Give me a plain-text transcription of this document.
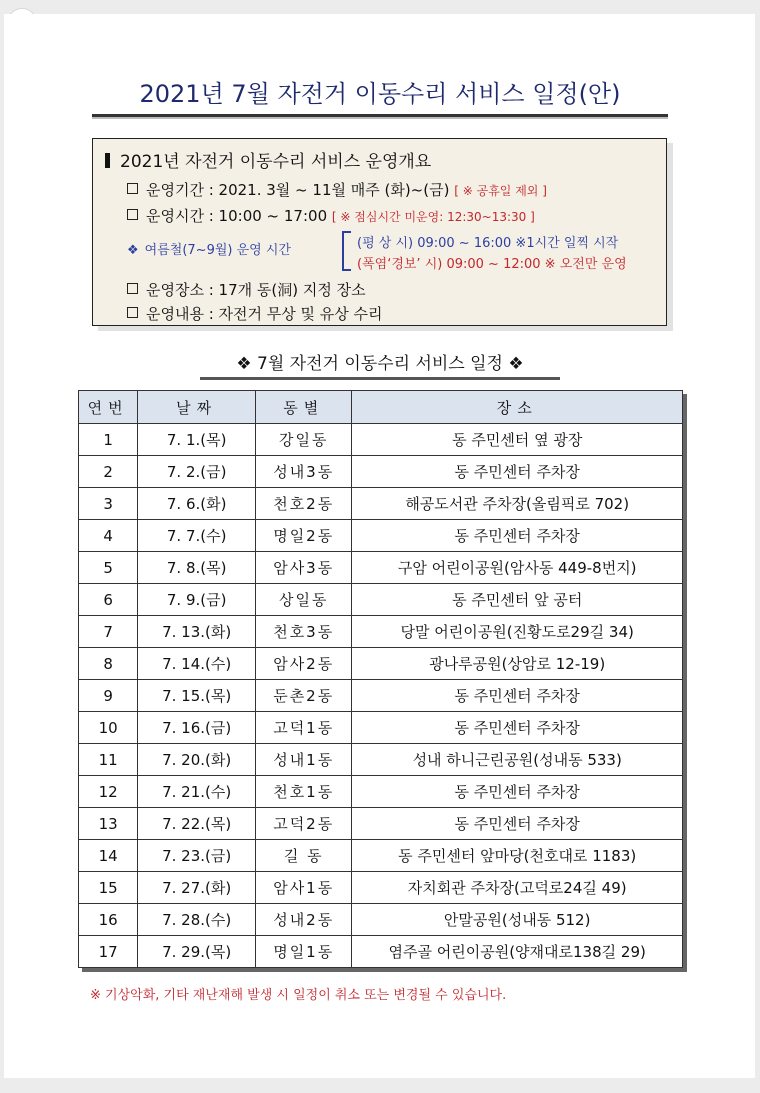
2021년 7월 자전거 이동수리 서비스 일정(안)
2021년 자전거 이동수리 서비스 운영개요
운영기간 : 2021. 3월 ~ 11월 매주 (화)~(금) [ ※ 공휴일 제외 ]
운영시간 : 10:00 ~ 17:00 [ ※ 점심시간 미운영: 12:30~13:30 ]
❖ 여름철(7~9월) 운영 시간	(평 상 시) 09:00 ~ 16:00 ※1시간 일찍 시작
(폭염‘경보’ 시) 09:00 ~ 12:00 ※ 오전만 운영
운영장소 : 17개 동(洞) 지정 장소
운영내용 : 자전거 무상 및 유상 수리
❖ 7월 자전거 이동수리 서비스 일정 ❖
연번	날짜	동별	장소
1	7. 1.(목)	강일동	동 주민센터 옆 광장
2	7. 2.(금)	성내3동	동 주민센터 주차장
3	7. 6.(화)	천호2동	해공도서관 주차장(올림픽로 702)
4	7. 7.(수)	명일2동	동 주민센터 주차장
5	7. 8.(목)	암사3동	구암 어린이공원(암사동 449-8번지)
6	7. 9.(금)	상일동	동 주민센터 앞 공터
7	7. 13.(화)	천호3동	당말 어린이공원(진황도로29길 34)
8	7. 14.(수)	암사2동	광나루공원(상암로 12-19)
9	7. 15.(목)	둔촌2동	동 주민센터 주차장
10	7. 16.(금)	고덕1동	동 주민센터 주차장
11	7. 20.(화)	성내1동	성내 하니근린공원(성내동 533)
12	7. 21.(수)	천호1동	동 주민센터 주차장
13	7. 22.(목)	고덕2동	동 주민센터 주차장
14	7. 23.(금)	길 동	동 주민센터 앞마당(천호대로 1183)
15	7. 27.(화)	암사1동	자치회관 주차장(고덕로24길 49)
16	7. 28.(수)	성내2동	안말공원(성내동 512)
17	7. 29.(목)	명일1동	염주골 어린이공원(양재대로138길 29)
※ 기상악화, 기타 재난재해 발생 시 일정이 취소 또는 변경될 수 있습니다.
